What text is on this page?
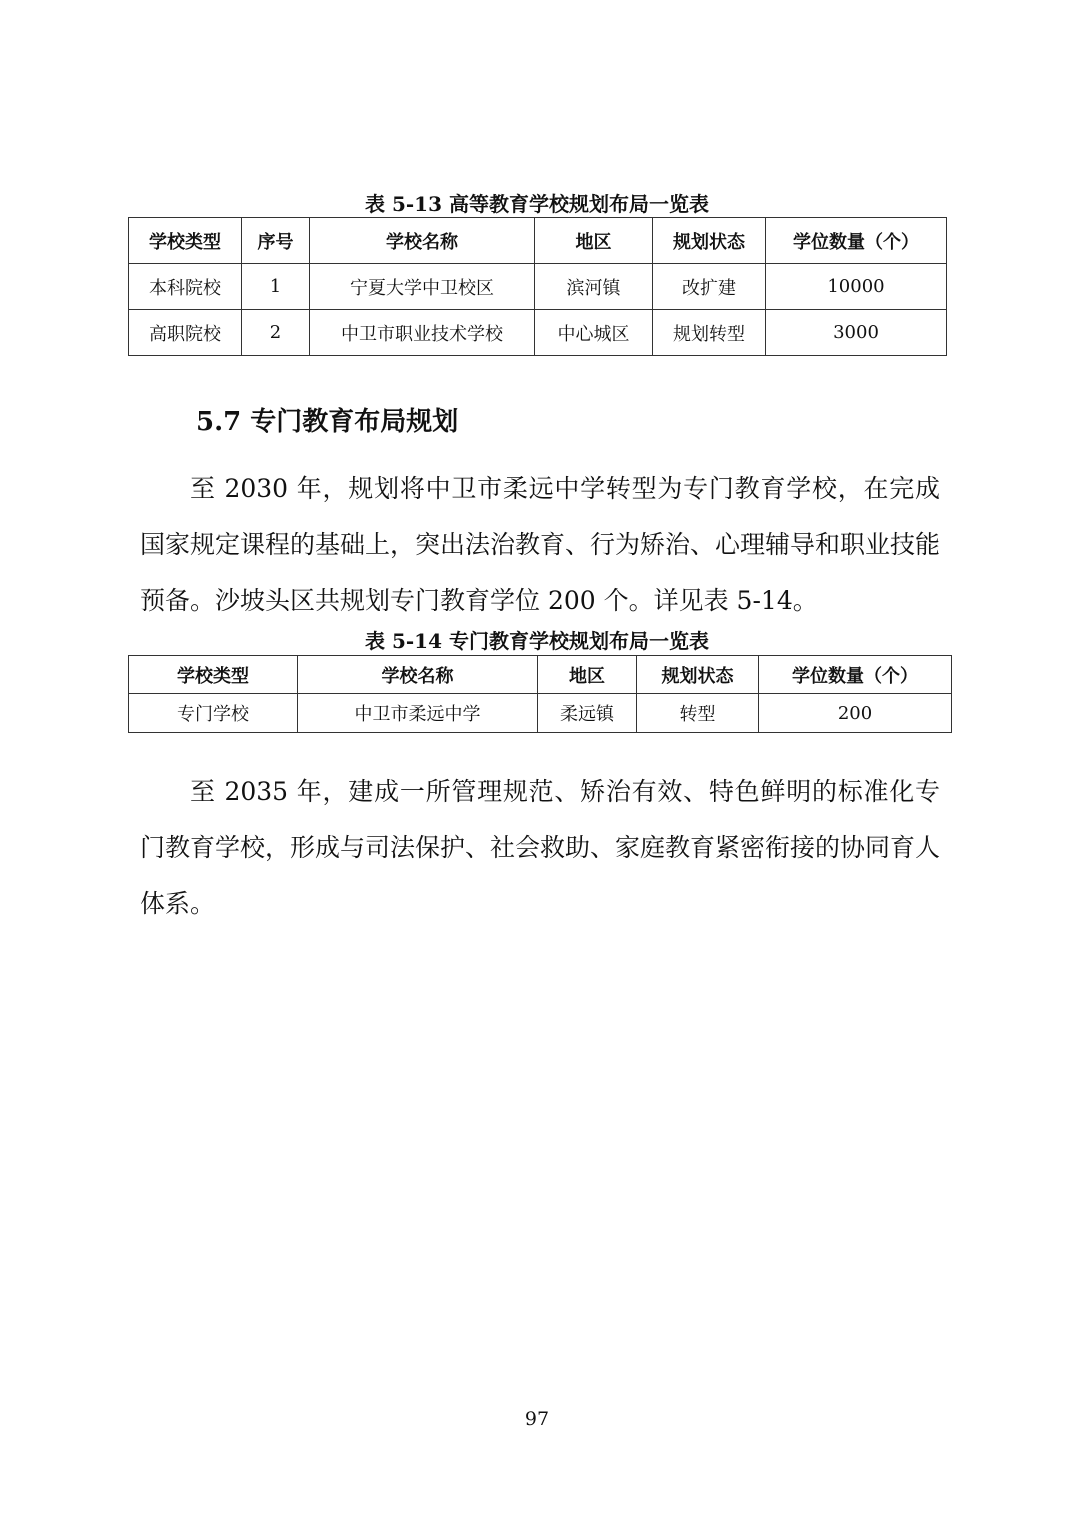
表 5-13 高等教育学校规划布局一览表
学校类型	序号	学校名称	地区	规划状态	学位数量（个）
本科院校	1	宁夏大学中卫校区	滨河镇	改扩建	10000
高职院校	2	中卫市职业技术学校	中心城区	规划转型	3000
5.7 专门教育布局规划

至 2030 年，规划将中卫市柔远中学转型为专门教育学校，在完成国家规定课程的基础上，突出法治教育、行为矫治、心理辅导和职业技能预备。沙坡头区共规划专门教育学位 200 个。详见表 5-14。

表 5-14 专门教育学校规划布局一览表
学校类型	学校名称	地区	规划状态	学位数量（个）
专门学校	中卫市柔远中学	柔远镇	转型	200

至 2035 年，建成一所管理规范、矫治有效、特色鲜明的标准化专门教育学校，形成与司法保护、社会救助、家庭教育紧密衔接的协同育人体系。

97
